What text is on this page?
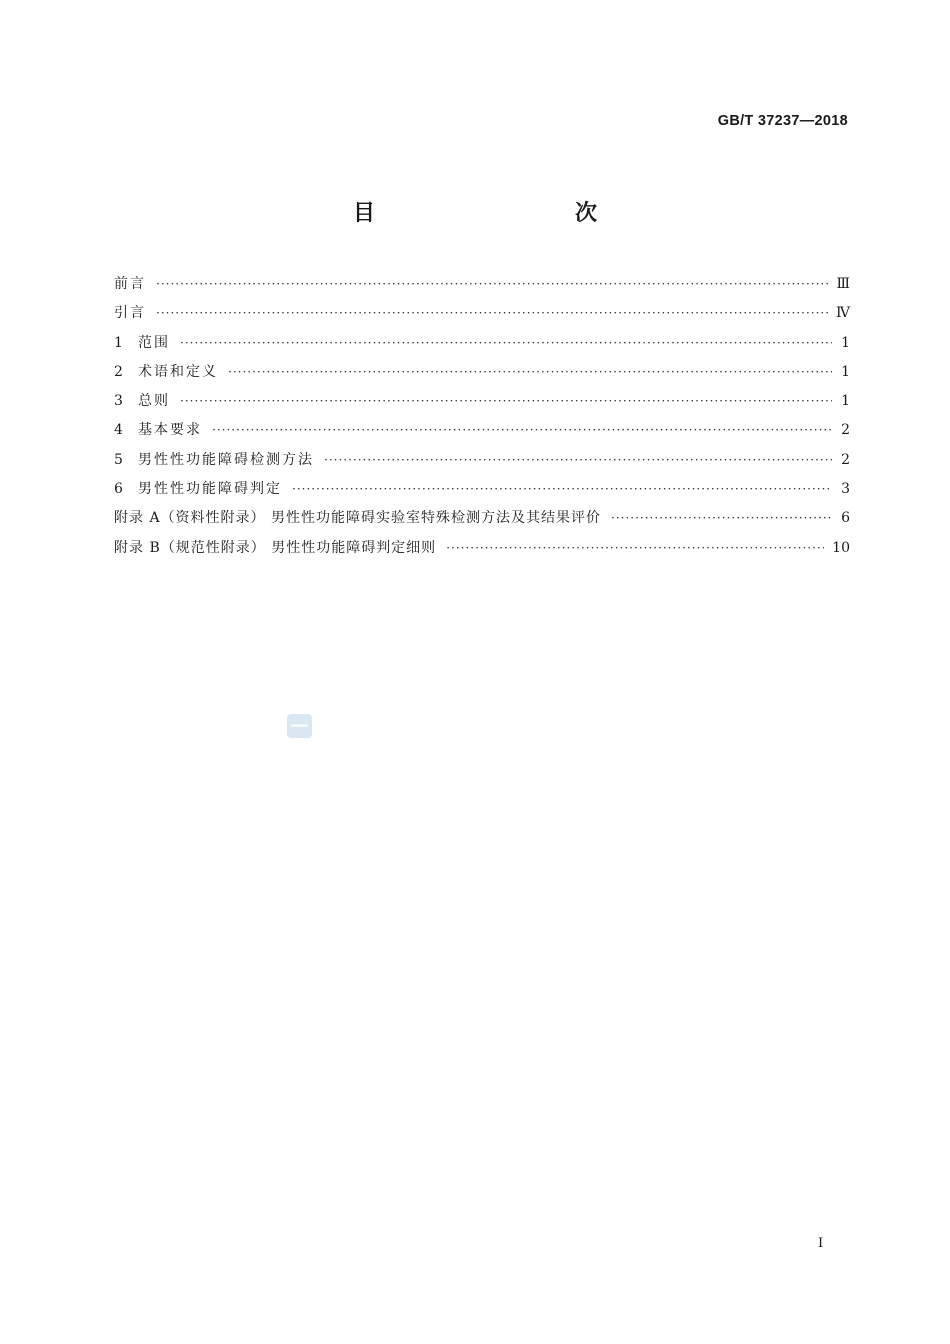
GB/T 37237—2018
目　　次
前言 ·····	Ⅲ
引言 ·····	Ⅳ
1	范围 ·····	1
2	术语和定义 ·····	1
3	总则 ·····	1
4	基本要求 ·····	2
5	男性性功能障碍检测方法 ·····	2
6	男性性功能障碍判定 ·····	3
附录 A（资料性附录） 男性性功能障碍实验室特殊检测方法及其结果评价 ·····	6
附录 B（规范性附录） 男性性功能障碍判定细则 ·····	10
Ⅰ
